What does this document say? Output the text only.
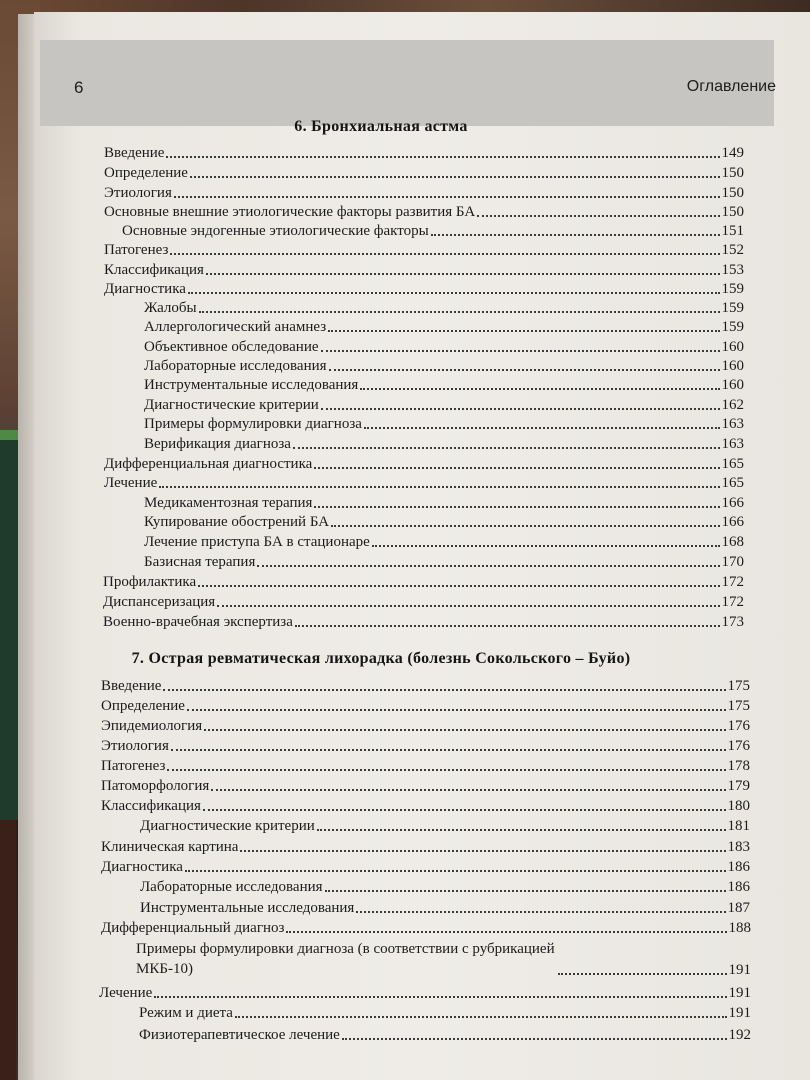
6	Оглавление
6. Бронхиальная астма
7. Острая ревматическая лихорадка (болезнь Сокольского – Буйо)
Введение	149
Определение	150
Этиология	150
Основные внешние этиологические факторы развития БА	150
Основные эндогенные этиологические факторы	151
Патогенез	152
Классификация	153
Диагностика	159
Жалобы	159
Аллергологический анамнез	159
Объективное обследование	160
Лабораторные исследования	160
Инструментальные исследования	160
Диагностические критерии	162
Примеры формулировки диагноза	163
Верификация диагноза	163
Дифференциальная диагностика	165
Лечение	165
Медикаментозная терапия	166
Купирование обострений БА	166
Лечение приступа БА в стационаре	168
Базисная терапия	170
Профилактика	172
Диспансеризация	172
Военно-врачебная экспертиза	173
Введение	175
Определение	175
Эпидемиология	176
Этиология	176
Патогенез	178
Патоморфология	179
Классификация	180
Диагностические критерии	181
Клиническая картина	183
Диагностика	186
Лабораторные исследования	186
Инструментальные исследования	187
Дифференциальный диагноз	188
Примеры формулировки диагноза (в соответствии с рубрикацией МКБ-10)	191
Лечение	191
Режим и диета	191
Физиотерапевтическое лечение	192
